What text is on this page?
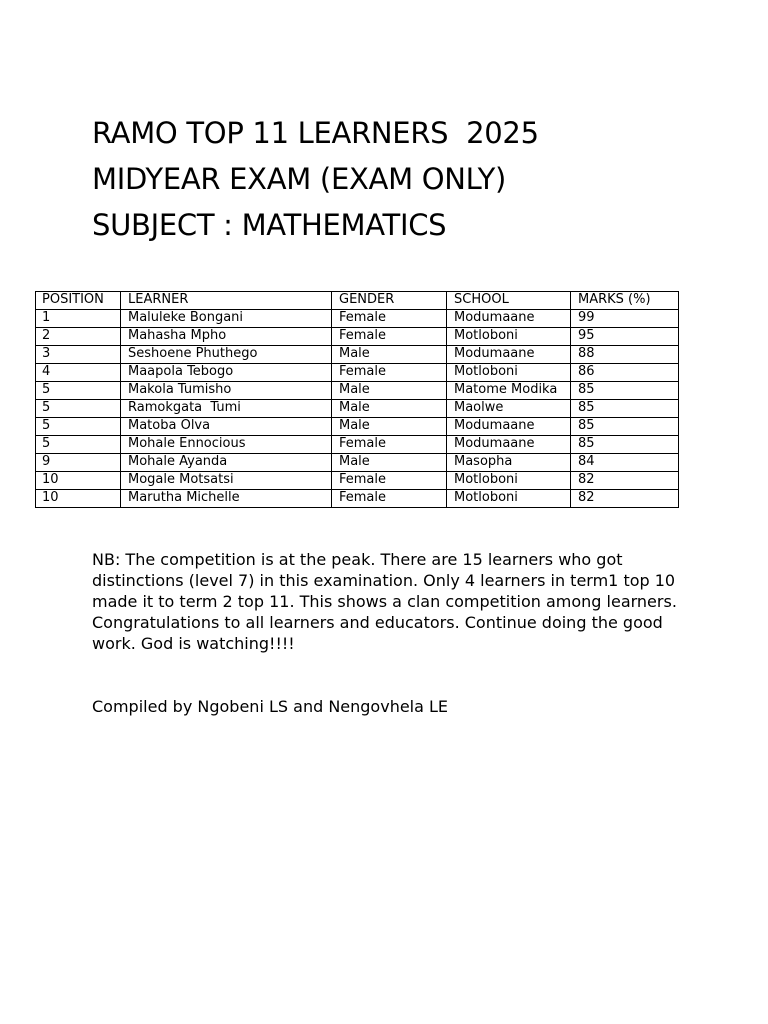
RAMO TOP 11 LEARNERS  2025

MIDYEAR EXAM (EXAM ONLY)

SUBJECT : MATHEMATICS

POSITION	LEARNER	GENDER	SCHOOL	MARKS (%)
1	Maluleke Bongani	Female	Modumaane	99
2	Mahasha Mpho	Female	Motloboni	95
3	Seshoene Phuthego	Male	Modumaane	88
4	Maapola Tebogo	Female	Motloboni	86
5	Makola Tumisho	Male	Matome Modika	85
5	Ramokgata  Tumi	Male	Maolwe	85
5	Matoba Olva	Male	Modumaane	85
5	Mohale Ennocious	Female	Modumaane	85
9	Mohale Ayanda	Male	Masopha	84
10	Mogale Motsatsi	Female	Motloboni	82
10	Marutha Michelle	Female	Motloboni	82

NB: The competition is at the peak. There are 15 learners who got distinctions (level 7) in this examination. Only 4 learners in term1 top 10 made it to term 2 top 11. This shows a clan competition among learners. Congratulations to all learners and educators. Continue doing the good work. God is watching!!!!

Compiled by Ngobeni LS and Nengovhela LE
